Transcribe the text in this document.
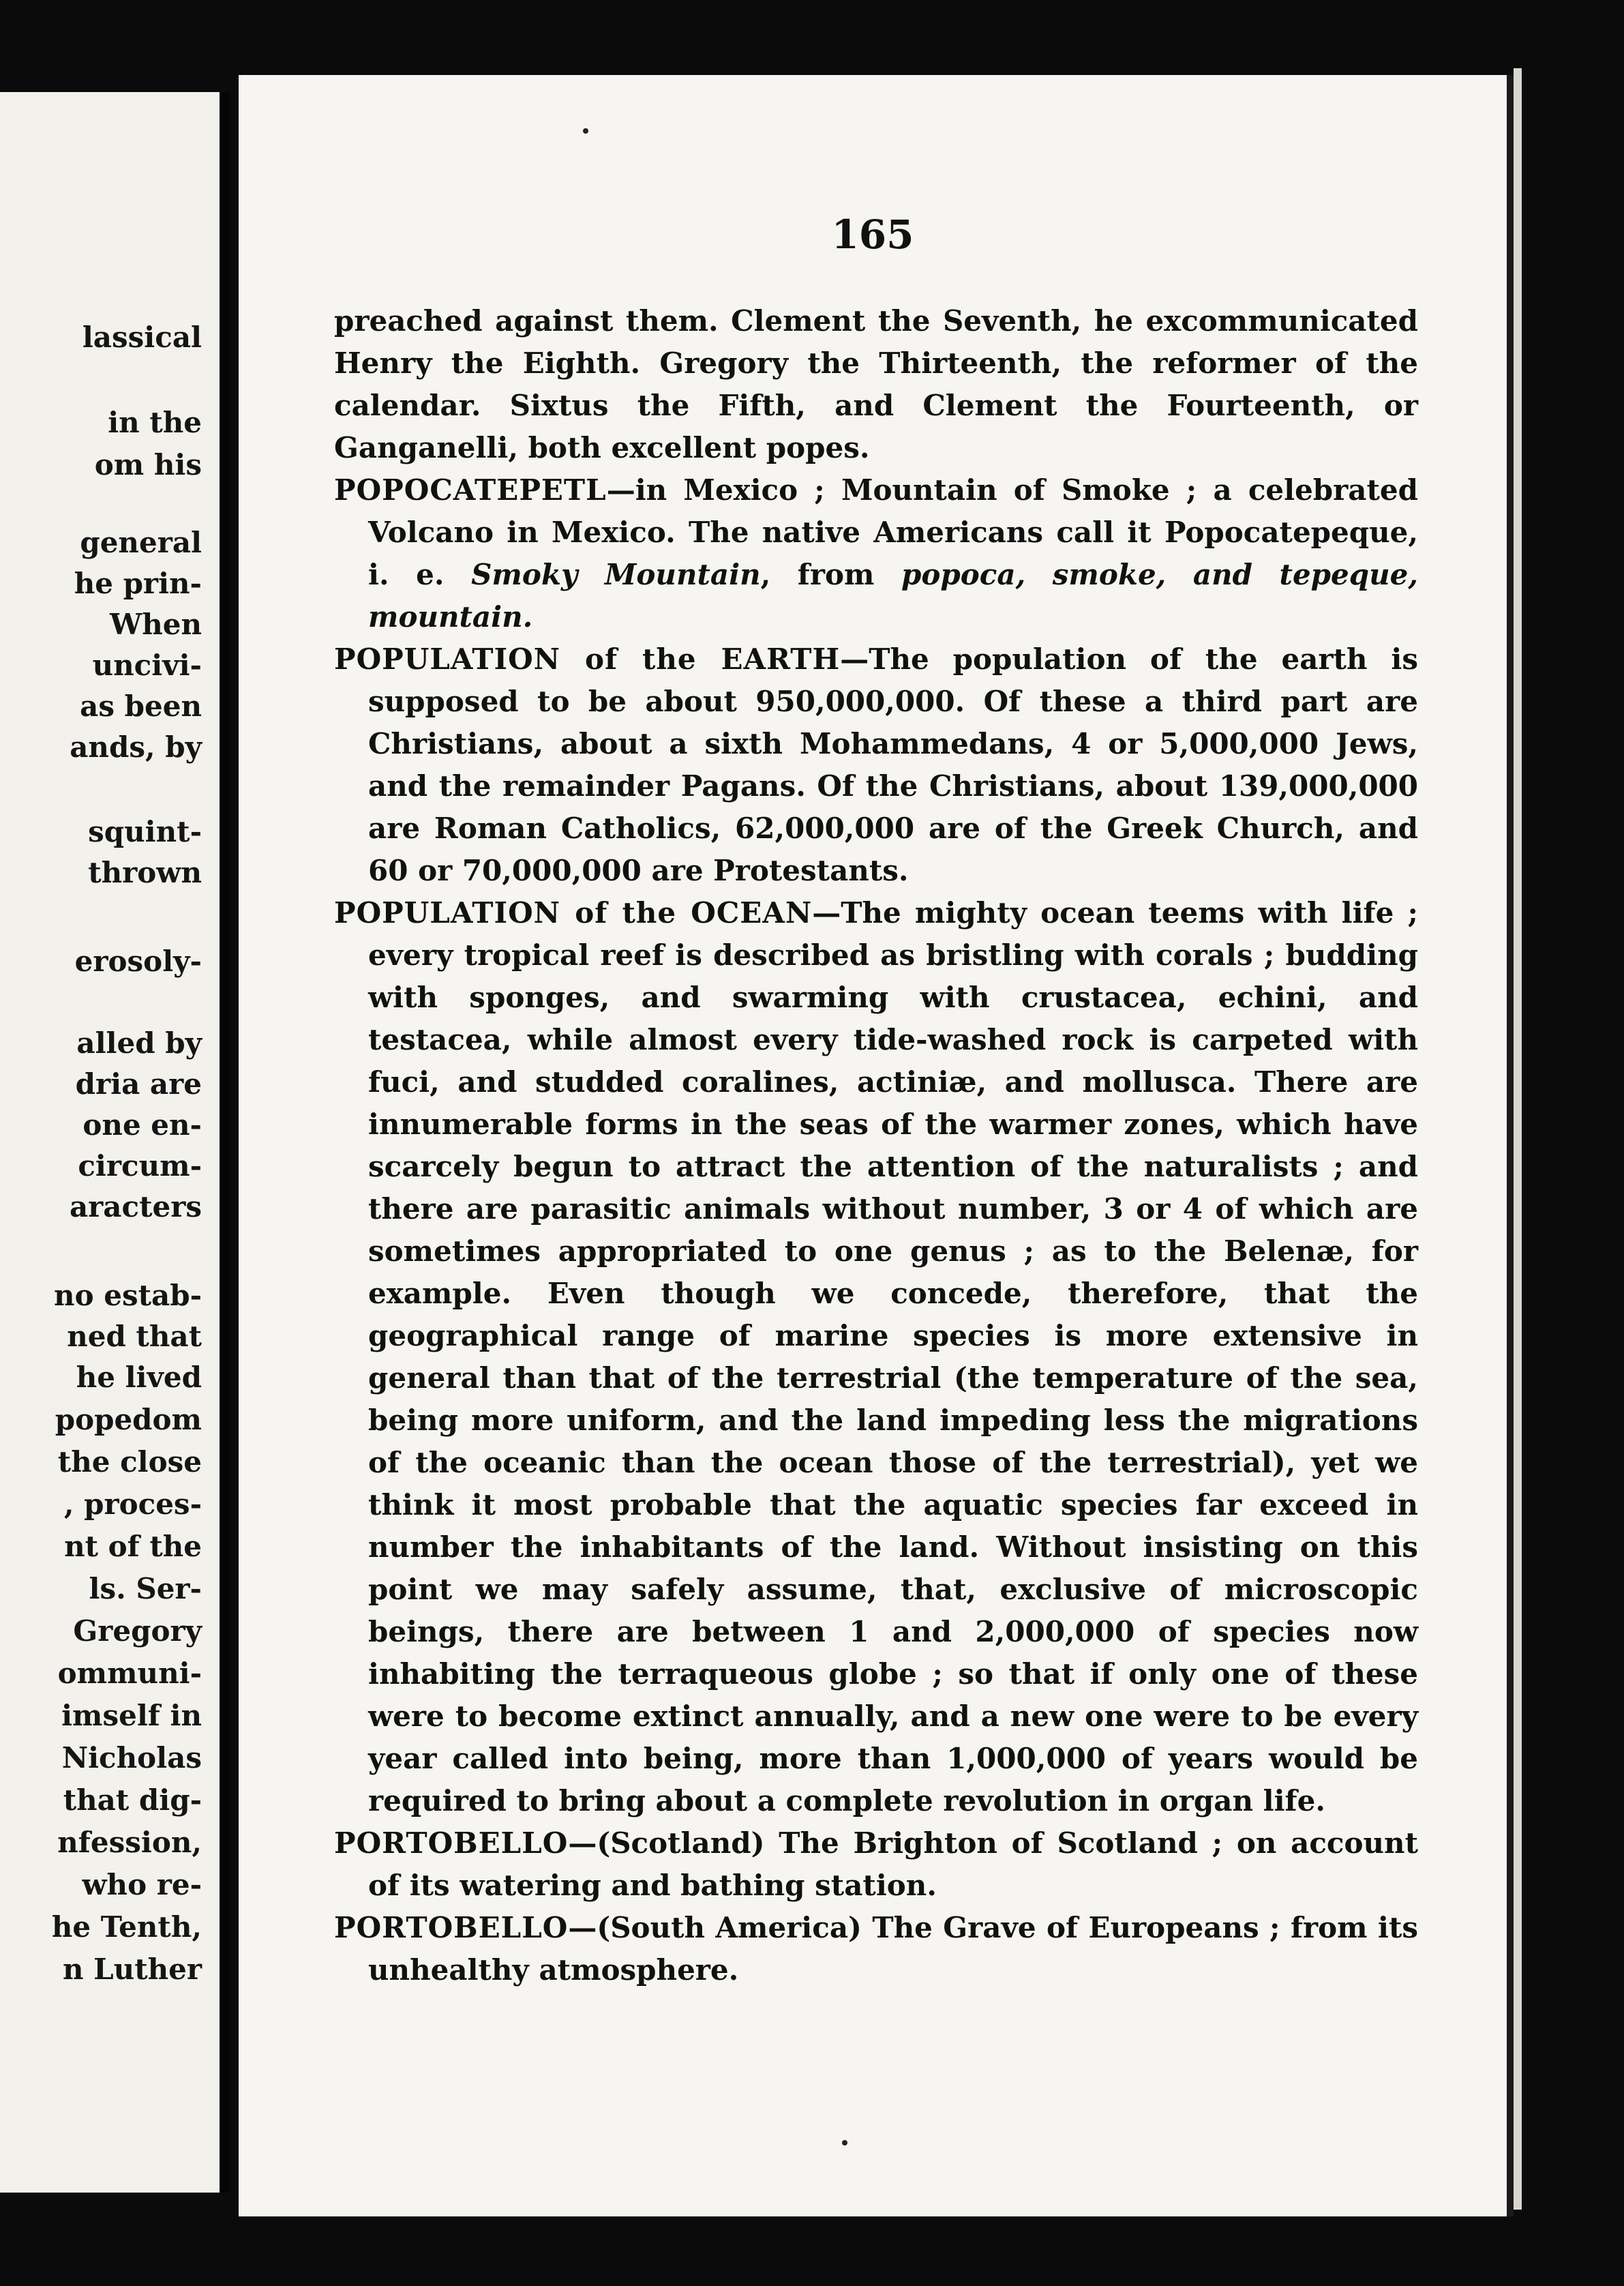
lassical
in the
om his
general
he prin-
When
uncivi-
as been
ands, by
squint-
thrown
erosoly-
alled by
dria are
one en-
circum-
aracters
no estab-
ned that
he lived
popedom
the close
, proces-
nt of the
ls. Ser-
Gregory
ommuni-
imself in
Nicholas
that dig-
nfession,
who re-
he Tenth,
n Luther
165

preached against them. Clement the Seventh, he excommunicated Henry the Eighth. Gregory the Thirteenth, the reformer of the calendar. Sixtus the Fifth, and Clement the Fourteenth, or Ganganelli, both excellent popes.

POPOCATEPETL—in Mexico ; Mountain of Smoke ; a celebrated Volcano in Mexico. The native Americans call it Popocatepeque, i. e. Smoky Mountain, from popoca, smoke, and tepeque, mountain.

POPULATION of the EARTH—The population of the earth is supposed to be about 950,000,000. Of these a third part are Christians, about a sixth Mohammedans, 4 or 5,000,000 Jews, and the remainder Pagans. Of the Christians, about 139,000,000 are Roman Catholics, 62,000,000 are of the Greek Church, and 60 or 70,000,000 are Protestants.

POPULATION of the OCEAN—The mighty ocean teems with life ; every tropical reef is described as bristling with corals ; budding with sponges, and swarming with crustacea, echini, and testacea, while almost every tide-washed rock is carpeted with fuci, and studded coralines, actiniæ, and mollusca. There are innumerable forms in the seas of the warmer zones, which have scarcely begun to attract the attention of the naturalists ; and there are parasitic animals without number, 3 or 4 of which are sometimes appropriated to one genus ; as to the Belenæ, for example. Even though we concede, therefore, that the geographical range of marine species is more extensive in general than that of the terrestrial (the temperature of the sea, being more uniform, and the land impeding less the migrations of the oceanic than the ocean those of the terrestrial), yet we think it most probable that the aquatic species far exceed in number the inhabitants of the land. Without insisting on this point we may safely assume, that, exclusive of microscopic beings, there are between 1 and 2,000,000 of species now inhabiting the terraqueous globe ; so that if only one of these were to become extinct annually, and a new one were to be every year called into being, more than 1,000,000 of years would be required to bring about a complete revolution in organ life.

PORTOBELLO—(Scotland) The Brighton of Scotland ; on account of its watering and bathing station.

PORTOBELLO—(South America) The Grave of Europeans ; from its unhealthy atmosphere.
